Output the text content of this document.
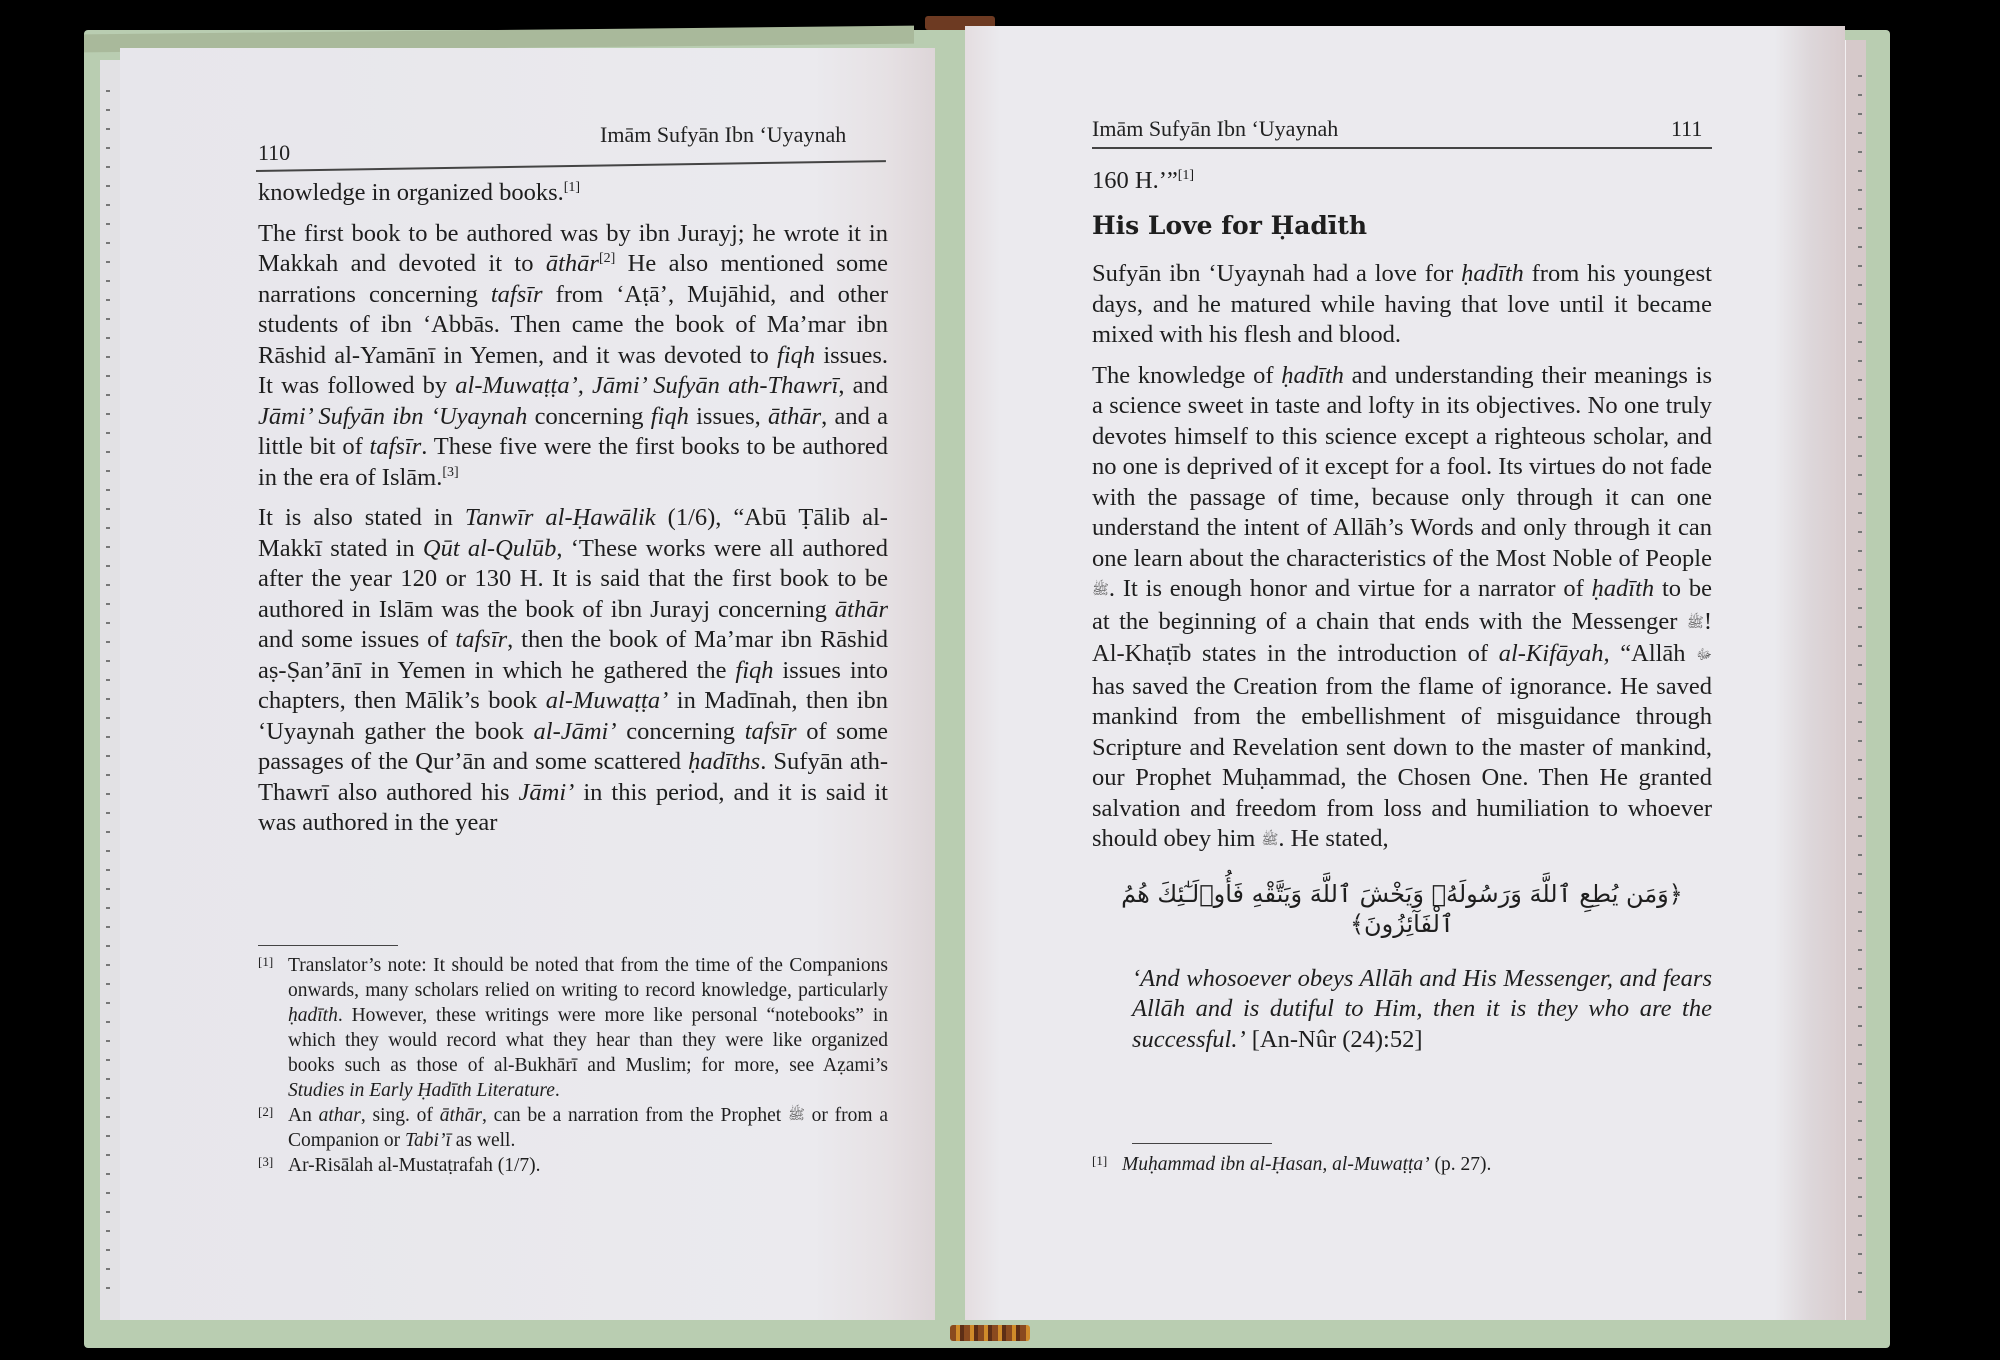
110
Imām Sufyān Ibn ‘Uyaynah

knowledge in organized books.[1]

The first book to be authored was by ibn Jurayj; he wrote it in Makkah and devoted it to āthār[2] He also mentioned some narrations concerning tafsīr from ‘Aṭā’, Mujāhid, and other students of ibn ‘Abbās. Then came the book of Ma’mar ibn Rāshid al-Yamānī in Yemen, and it was devoted to fiqh issues. It was followed by al-Muwaṭṭa’, Jāmi’ Sufyān ath-Thawrī, and Jāmi’ Sufyān ibn ‘Uyaynah concerning fiqh issues, āthār, and a little bit of tafsīr. These five were the first books to be authored in the era of Islām.[3]

It is also stated in Tanwīr al-Ḥawālik (1/6), “Abū Ṭālib al-Makkī stated in Qūt al-Qulūb, ‘These works were all authored after the year 120 or 130 H. It is said that the first book to be authored in Islām was the book of ibn Jurayj concerning āthār and some issues of tafsīr, then the book of Ma’mar ibn Rāshid aṣ-Ṣan’ānī in Yemen in which he gathered the fiqh issues into chapters, then Mālik’s book al-Muwaṭṭa’ in Madīnah, then ibn ‘Uyaynah gather the book al-Jāmi’ concerning tafsīr of some passages of the Qur’ān and some scattered ḥadīths. Sufyān ath-Thawrī also authored his Jāmi’ in this period, and it is said it was authored in the year

[1] Translator’s note: It should be noted that from the time of the Companions onwards, many scholars relied on writing to record knowledge, particularly ḥadīth. However, these writings were more like personal “notebooks” in which they would record what they hear than they were like organized books such as those of al-Bukhārī and Muslim; for more, see Aẓami’s Studies in Early Ḥadīth Literature.

[2] An athar, sing. of āthār, can be a narration from the Prophet ﷺ or from a Companion or Tabi’ī as well.

[3] Ar-Risālah al-Mustaṭrafah (1/7).

Imām Sufyān Ibn ‘Uyaynah	111
160 H.’”[1]
His Love for Ḥadīth

Sufyān ibn ‘Uyaynah had a love for ḥadīth from his youngest days, and he matured while having that love until it became mixed with his flesh and blood.

The knowledge of ḥadīth and understanding their meanings is a science sweet in taste and lofty in its objectives. No one truly devotes himself to this science except a righteous scholar, and no one is deprived of it except for a fool. Its virtues do not fade with the passage of time, because only through it can one understand the intent of Allāh’s Words and only through it can one learn about the characteristics of the Most Noble of People ﷺ. It is enough honor and virtue for a narrator of ḥadīth to be at the beginning of a chain that ends with the Messenger ﷺ! Al-Khaṭīb states in the introduction of al-Kifāyah, “Allāh ﷻ has saved the Creation from the flame of ignorance. He saved mankind from the embellishment of misguidance through Scripture and Revelation sent down to the master of mankind, our Prophet Muḥammad, the Chosen One. Then He granted salvation and freedom from loss and humiliation to whoever should obey him ﷺ. He stated,

﴿وَمَن يُطِعِ ٱللَّهَ وَرَسُولَهُۥ وَيَخْشَ ٱللَّهَ وَيَتَّقْهِ فَأُو۟لَـٰٓئِكَ هُمُ ٱلْفَآئِزُونَ﴾
‘And whosoever obeys Allāh and His Messenger, and fears Allāh and is dutiful to Him, then it is they who are the successful.’ [An-Nûr (24):52]

[1] Muḥammad ibn al-Ḥasan, al-Muwaṭṭa’ (p. 27).
